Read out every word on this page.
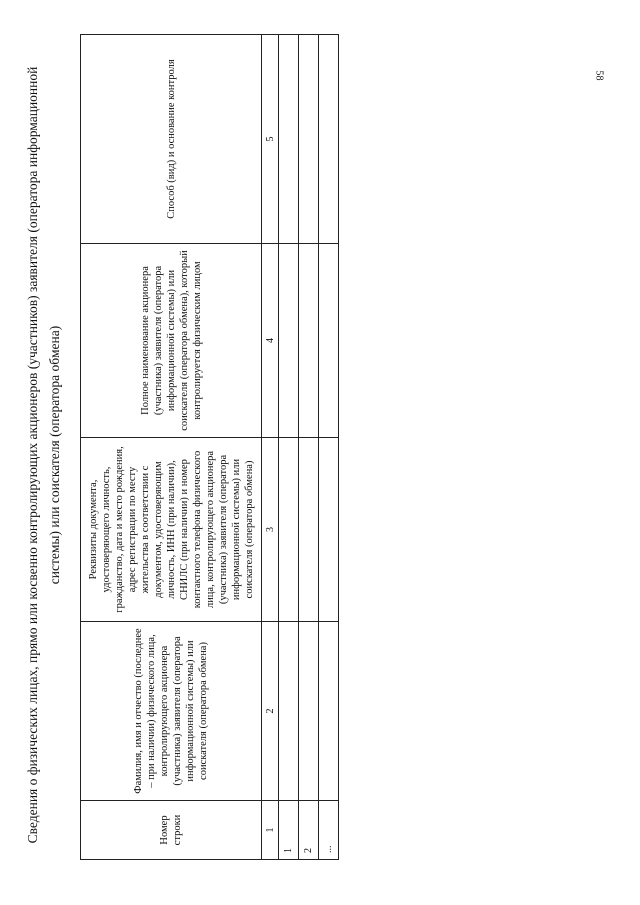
58
Сведения о физических лицах, прямо или косвенно контролирующих акционеров (участников) заявителя (оператора информационной системы) или соискателя (оператора обмена)
Номер строки	Фамилия, имя и отчество (последнее – при наличии) физического лица, контролирующего акционера (участника) заявителя (оператора информационной системы) или соискателя (оператора обмена)	Реквизиты документа, удостоверяющего личность, гражданство, дата и место рождения, адрес регистрации по месту жительства в соответствии с документом, удостоверяющим личность, ИНН (при наличии), СНИЛС (при наличии) и номер контактного телефона физического лица, контролирующего акционера (участника) заявителя (оператора информационной системы) или соискателя (оператора обмена)	Полное наименование акционера (участника) заявителя (оператора информационной системы) или соискателя (оператора обмена), который контролируется физическим лицом	Способ (вид) и основание контроля
1	2	3	4	5
1				
2				
...				
